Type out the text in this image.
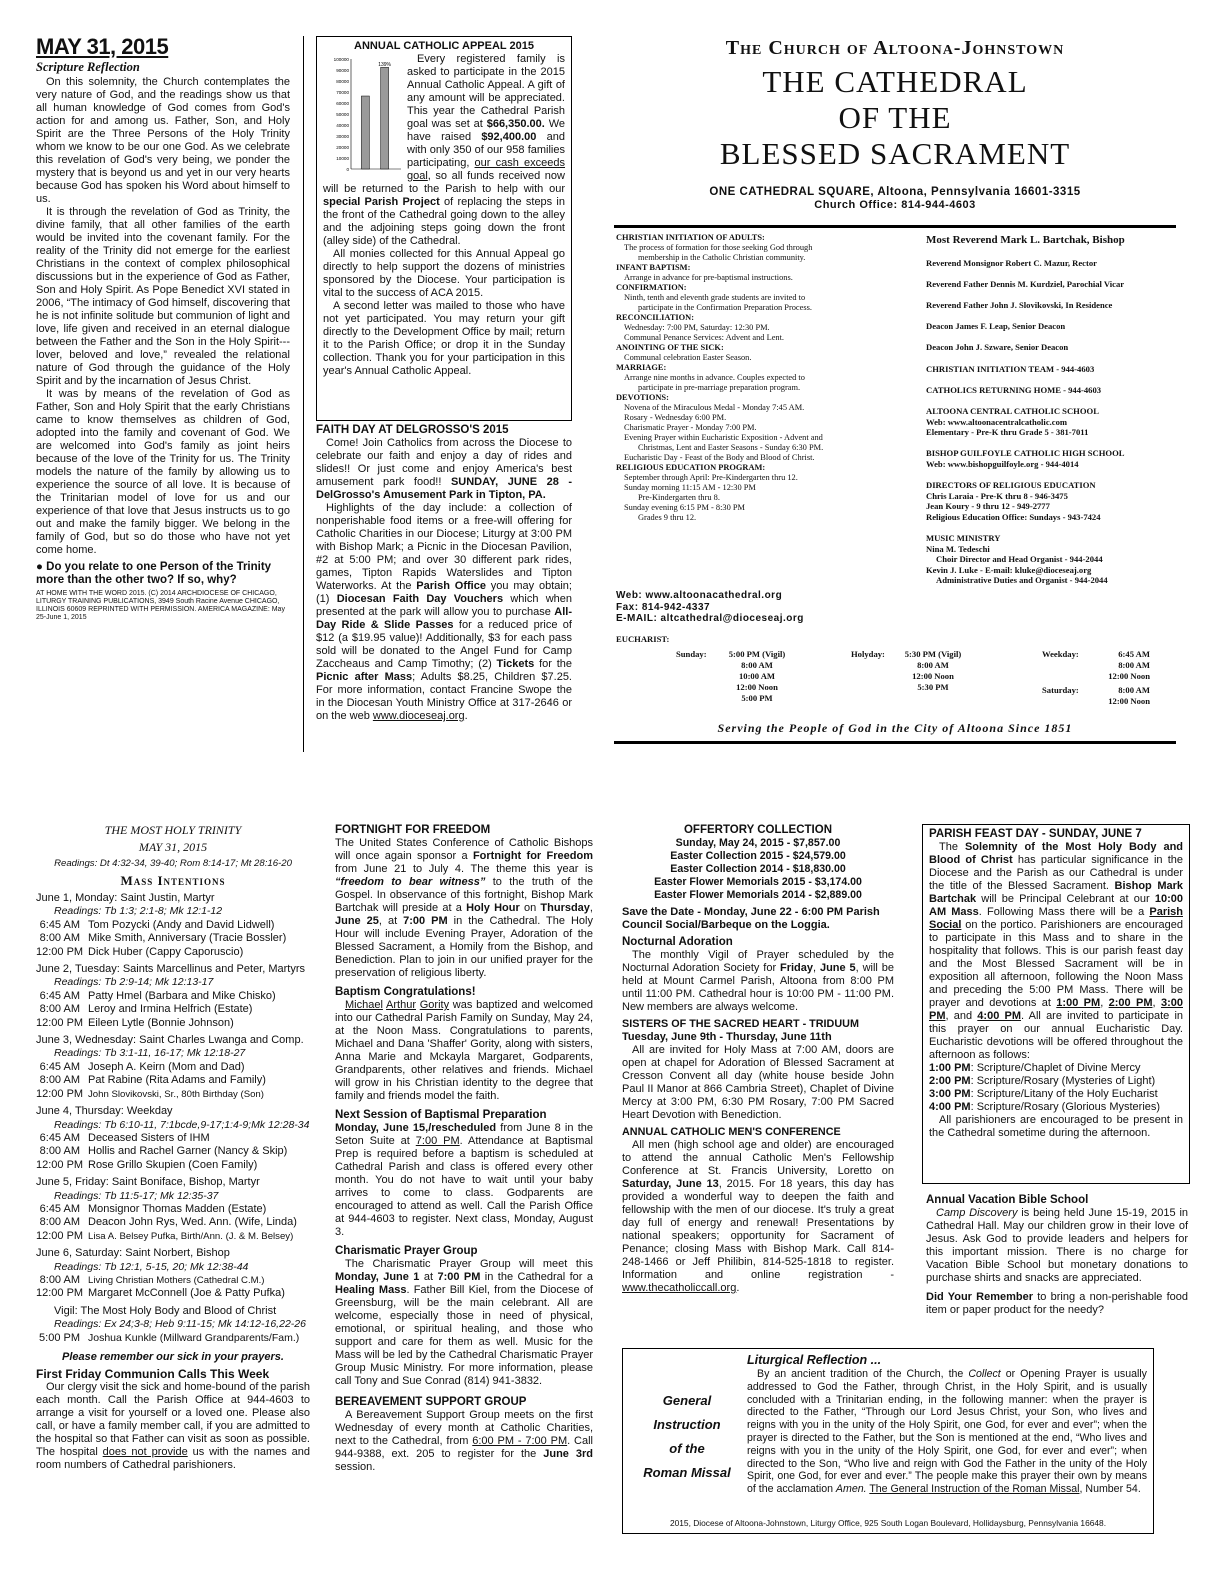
MAY 31, 2015
Scripture Reflection

On this solemnity, the Church contemplates the very nature of God, and the readings show us that all human knowledge of God comes from God's action for and among us. Father, Son, and Holy Spirit are the Three Persons of the Holy Trinity whom we know to be our one God. As we celebrate this revelation of God's very being, we ponder the mystery that is beyond us and yet in our very hearts because God has spoken his Word about himself to us.

It is through the revelation of God as Trinity, the divine family, that all other families of the earth would be invited into the covenant family. For the reality of the Trinity did not emerge for the earliest Christians in the context of complex philosophical discussions but in the experience of God as Father, Son and Holy Spirit. As Pope Benedict XVI stated in 2006, “The intimacy of God himself, discovering that he is not infinite solitude but communion of light and love, life given and received in an eternal dialogue between the Father and the Son in the Holy Spirit---lover, beloved and love,” revealed the relational nature of God through the guidance of the Holy Spirit and by the incarnation of Jesus Christ.

It was by means of the revelation of God as Father, Son and Holy Spirit that the early Christians came to know themselves as children of God, adopted into the family and covenant of God. We are welcomed into God's family as joint heirs because of the love of the Trinity for us. The Trinity models the nature of the family by allowing us to experience the source of all love. It is because of the Trinitarian model of love for us and our experience of that love that Jesus instructs us to go out and make the family bigger. We belong in the family of God, but so do those who have not yet come home.

● Do you relate to one Person of the Trinity more than the other two? If so, why?
AT HOME WITH THE WORD 2015. (C) 2014 ARCHDIOCESE OF CHICAGO, LITURGY TRAINING PUBLICATIONS, 3949 South Racine Avenue CHICAGO, ILLINOIS 60609 REPRINTED WITH PERMISSION. AMERICA MAGAZINE: May 25-June 1, 2015
ANNUAL CATHOLIC APPEAL 2015
100000
90000
80000
70000
60000
50000
40000
30000
20000
10000
0
139%	Every registered family is asked to participate in the 2015 Annual Catholic Appeal. A gift of any amount will be appreciated. This year the Cathedral Parish goal was set at $66,350.00. We have raised $92,400.00 and with only 350 of our 958 families participating, our cash exceeds goal, so all funds received now will be returned to the Parish to help with our special Parish Project of replacing the steps in the front of the Cathedral going down to the alley and the adjoining steps going down the front (alley side) of the Cathedral.

All monies collected for this Annual Appeal go directly to help support the dozens of ministries sponsored by the Diocese. Your participation is vital to the success of ACA 2015.

A second letter was mailed to those who have not yet participated. You may return your gift directly to the Development Office by mail; return it to the Parish Office; or drop it in the Sunday collection. Thank you for your participation in this year's Annual Catholic Appeal.

FAITH DAY AT DELGROSSO'S 2015

Come! Join Catholics from across the Diocese to celebrate our faith and enjoy a day of rides and slides!! Or just come and enjoy America's best amusement park food!! SUNDAY, JUNE 28 - DelGrosso's Amusement Park in Tipton, PA.

Highlights of the day include: a collection of nonperishable food items or a free-will offering for Catholic Charities in our Diocese; Liturgy at 3:00 PM with Bishop Mark; a Picnic in the Diocesan Pavilion, #2 at 5:00 PM; and over 30 different park rides, games, Tipton Rapids Waterslides and Tipton Waterworks. At the Parish Office you may obtain; (1) Diocesan Faith Day Vouchers which when presented at the park will allow you to purchase All-Day Ride & Slide Passes for a reduced price of $12 (a $19.95 value)! Additionally, $3 for each pass sold will be donated to the Angel Fund for Camp Zaccheaus and Camp Timothy; (2) Tickets for the Picnic after Mass; Adults $8.25, Children $7.25. For more information, contact Francine Swope the in the Diocesan Youth Ministry Office at 317-2646 or on the web www.dioceseaj.org.

The Church of Altoona-Johnstown
THE CATHEDRAL
OF THE
BLESSED SACRAMENT
ONE CATHEDRAL SQUARE, Altoona, Pennsylvania 16601-3315
Church Office: 814-944-4603
CHRISTIAN INITIATION OF ADULTS:
The process of formation for those seeking God through
membership in the Catholic Christian community.
INFANT BAPTISM:
Arrange in advance for pre-baptismal instructions.
CONFIRMATION:
Ninth, tenth and eleventh grade students are invited to
participate in the Confirmation Preparation Process.
RECONCILIATION:
Wednesday: 7:00 PM, Saturday: 12:30 PM.
Communal Penance Services: Advent and Lent.
ANOINTING OF THE SICK:
Communal celebration Easter Season.
MARRIAGE:
Arrange nine months in advance. Couples expected to
participate in pre-marriage preparation program.
DEVOTIONS:
Novena of the Miraculous Medal - Monday 7:45 AM.
Rosary - Wednesday 6:00 PM.
Charismatic Prayer - Monday 7:00 PM.
Evening Prayer within Eucharistic Exposition - Advent and
Christmas, Lent and Easter Seasons - Sunday 6:30 PM.
Eucharistic Day - Feast of the Body and Blood of Christ.
RELIGIOUS EDUCATION PROGRAM:
September through April: Pre-Kindergarten thru 12.
Sunday morning 11:15 AM - 12:30 PM
Pre-Kindergarten thru 8.
Sunday evening 6:15 PM - 8:30 PM
Grades 9 thru 12.
Web: www.altoonacathedral.org
Fax: 814-942-4337
E-MAIL: altcathedral@dioceseaj.org
Most Reverend Mark L. Bartchak, Bishop
Reverend Monsignor Robert C. Mazur, Rector
Reverend Father Dennis M. Kurdziel, Parochial Vicar
Reverend Father John J. Slovikovski, In Residence
Deacon James F. Leap, Senior Deacon
Deacon John J. Szware, Senior Deacon
CHRISTIAN INITIATION TEAM - 944-4603
CATHOLICS RETURNING HOME - 944-4603
ALTOONA CENTRAL CATHOLIC SCHOOL
Web: www.altoonacentralcatholic.com
Elementary - Pre-K thru Grade 5 - 381-7011
BISHOP GUILFOYLE CATHOLIC HIGH SCHOOL
Web: www.bishopguilfoyle.org - 944-4014
DIRECTORS OF RELIGIOUS EDUCATION
Chris Laraia - Pre-K thru 8 - 946-3475
Jean Koury - 9 thru 12 - 949-2777
Religious Education Office: Sundays - 943-7424
MUSIC MINISTRY
Nina M. Tedeschi
Choir Director and Head Organist - 944-2044
Kevin J. Luke - E-mail: kluke@dioceseaj.org
Administrative Duties and Organist - 944-2044
EUCHARIST:
Sunday:	5:00 PM (Vigil)
8:00 AM
10:00 AM
12:00 Noon
5:00 PM
Holyday:	5:30 PM (Vigil)
8:00 AM
12:00 Noon
5:30 PM
Weekday:	6:45 AM
8:00 AM
12:00 Noon
Saturday:	8:00 AM
12:00 Noon
Serving the People of God in the City of Altoona Since 1851
THE MOST HOLY TRINITY
MAY 31, 2015
Readings: Dt 4:32-34, 39-40; Rom 8:14-17; Mt 28:16-20
Mass Intentions
June 1, Monday: Saint Justin, Martyr
Readings: Tb 1:3; 2:1-8; Mk 12:1-12
6:45 AM Tom Pozycki (Andy and David Lidwell)
8:00 AM Mike Smith, Anniversary (Tracie Bossler)
12:00 PM Dick Huber (Cappy Caporuscio)
June 2, Tuesday: Saints Marcellinus and Peter, Martyrs
Readings: Tb 2:9-14; Mk 12:13-17
6:45 AM Patty Hmel (Barbara and Mike Chisko)
8:00 AM Leroy and Irmina Helfrich (Estate)
12:00 PM Eileen Lytle (Bonnie Johnson)
June 3, Wednesday: Saint Charles Lwanga and Comp.
Readings: Tb 3:1-11, 16-17; Mk 12:18-27
6:45 AM Joseph A. Keirn (Mom and Dad)
8:00 AM Pat Rabine (Rita Adams and Family)
12:00 PM John Slovikovski, Sr., 80th Birthday (Son)
June 4, Thursday: Weekday
Readings: Tb 6:10-11, 7:1bcde,9-17;1:4-9;Mk 12:28-34
6:45 AM Deceased Sisters of IHM
8:00 AM Hollis and Rachel Garner (Nancy & Skip)
12:00 PM Rose Grillo Skupien (Coen Family)
June 5, Friday: Saint Boniface, Bishop, Martyr
Readings: Tb 11:5-17; Mk 12:35-37
6:45 AM Monsignor Thomas Madden (Estate)
8:00 AM Deacon John Rys, Wed. Ann. (Wife, Linda)
12:00 PM Lisa A. Belsey Pufka, Birth/Ann. (J. & M. Belsey)
June 6, Saturday: Saint Norbert, Bishop
Readings: Tb 12:1, 5-15, 20; Mk 12:38-44
8:00 AM Living Christian Mothers (Cathedral C.M.)
12:00 PM Margaret McConnell (Joe & Patty Pufka)
Vigil: The Most Holy Body and Blood of Christ
Readings: Ex 24;3-8; Heb 9:11-15; Mk 14:12-16,22-26
5:00 PM Joshua Kunkle (Millward Grandparents/Fam.)
Please remember our sick in your prayers.
First Friday Communion Calls This Week

Our clergy visit the sick and home-bound of the parish each month. Call the Parish Office at 944-4603 to arrange a visit for yourself or a loved one. Please also call, or have a family member call, if you are admitted to the hospital so that Father can visit as soon as possible. The hospital does not provide us with the names and room numbers of Cathedral parishioners.

FORTNIGHT FOR FREEDOM

The United States Conference of Catholic Bishops will once again sponsor a Fortnight for Freedom from June 21 to July 4. The theme this year is “freedom to bear witness” to the truth of the Gospel. In observance of this fortnight, Bishop Mark Bartchak will preside at a Holy Hour on Thursday, June 25, at 7:00 PM in the Cathedral. The Holy Hour will include Evening Prayer, Adoration of the Blessed Sacrament, a Homily from the Bishop, and Benediction. Plan to join in our unified prayer for the preservation of religious liberty.

Baptism Congratulations!

Michael Arthur Gority was baptized and welcomed into our Cathedral Parish Family on Sunday, May 24, at the Noon Mass. Congratulations to parents, Michael and Dana 'Shaffer' Gority, along with sisters, Anna Marie and Mckayla Margaret, Godparents, Grandparents, other relatives and friends. Michael will grow in his Christian identity to the degree that family and friends model the faith.

Next Session of Baptismal Preparation

Monday, June 15,/rescheduled from June 8 in the Seton Suite at 7:00 PM. Attendance at Baptismal Prep is required before a baptism is scheduled at Cathedral Parish and class is offered every other month. You do not have to wait until your baby arrives to come to class. Godparents are encouraged to attend as well. Call the Parish Office at 944-4603 to register. Next class, Monday, August 3.

Charismatic Prayer Group

The Charismatic Prayer Group will meet this Monday, June 1 at 7:00 PM in the Cathedral for a Healing Mass. Father Bill Kiel, from the Diocese of Greensburg, will be the main celebrant. All are welcome, especially those in need of physical, emotional, or spiritual healing, and those who support and care for them as well. Music for the Mass will be led by the Cathedral Charismatic Prayer Group Music Ministry. For more information, please call Tony and Sue Conrad (814) 941-3832.

BEREAVEMENT SUPPORT GROUP

A Bereavement Support Group meets on the first Wednesday of every month at Catholic Charities, next to the Cathedral, from 6:00 PM - 7:00 PM. Call 944-9388, ext. 205 to register for the June 3rd session.

OFFERTORY COLLECTION
Sunday, May 24, 2015 - $7,857.00
Easter Collection 2015 - $24,579.00
Easter Collection 2014 - $18,830.00
Easter Flower Memorials 2015 - $3,174.00
Easter Flower Memorials 2014 - $2,889.00
Save the Date - Monday, June 22 - 6:00 PM Parish Council Social/Barbeque on the Loggia.
Nocturnal Adoration

The monthly Vigil of Prayer scheduled by the Nocturnal Adoration Society for Friday, June 5, will be held at Mount Carmel Parish, Altoona from 8:00 PM until 11:00 PM. Cathedral hour is 10:00 PM - 11:00 PM. New members are always welcome.

SISTERS OF THE SACRED HEART - TRIDUUM
Tuesday, June 9th - Thursday, June 11th

All are invited for Holy Mass at 7:00 AM, doors are open at chapel for Adoration of Blessed Sacrament at Cresson Convent all day (white house beside John Paul II Manor at 866 Cambria Street), Chaplet of Divine Mercy at 3:00 PM, 6:30 PM Rosary, 7:00 PM Sacred Heart Devotion with Benediction.

ANNUAL CATHOLIC MEN'S CONFERENCE

All men (high school age and older) are encouraged to attend the annual Catholic Men's Fellowship Conference at St. Francis University, Loretto on Saturday, June 13, 2015. For 18 years, this day has provided a wonderful way to deepen the faith and fellowship with the men of our diocese. It's truly a great day full of energy and renewal! Presentations by national speakers; opportunity for Sacrament of Penance; closing Mass with Bishop Mark. Call 814-248-1466 or Jeff Philibin, 814-525-1818 to register. Information and online registration - www.thecatholiccall.org.

PARISH FEAST DAY - SUNDAY, JUNE 7

The Solemnity of the Most Holy Body and Blood of Christ has particular significance in the Diocese and the Parish as our Cathedral is under the title of the Blessed Sacrament. Bishop Mark Bartchak will be Principal Celebrant at our 10:00 AM Mass. Following Mass there will be a Parish Social on the portico. Parishioners are encouraged to participate in this Mass and to share in the hospitality that follows. This is our parish feast day and the Most Blessed Sacrament will be in exposition all afternoon, following the Noon Mass and preceding the 5:00 PM Mass. There will be prayer and devotions at 1:00 PM, 2:00 PM, 3:00 PM, and 4:00 PM. All are invited to participate in this prayer on our annual Eucharistic Day. Eucharistic devotions will be offered throughout the afternoon as follows:

1:00 PM: Scripture/Chaplet of Divine Mercy
2:00 PM: Scripture/Rosary (Mysteries of Light)
3:00 PM: Scripture/Litany of the Holy Eucharist
4:00 PM: Scripture/Rosary (Glorious Mysteries)

All parishioners are encouraged to be present in the Cathedral sometime during the afternoon.

Annual Vacation Bible School

Camp Discovery is being held June 15-19, 2015 in Cathedral Hall. May our children grow in their love of Jesus. Ask God to provide leaders and helpers for this important mission. There is no charge for Vacation Bible School but monetary donations to purchase shirts and snacks are appreciated.

Did Your Remember to bring a non-perishable food item or paper product for the needy?

General
Instruction
of the
Roman Missal
Liturgical Reflection ...

By an ancient tradition of the Church, the Collect or Opening Prayer is usually addressed to God the Father, through Christ, in the Holy Spirit, and is usually concluded with a Trinitarian ending, in the following manner: when the prayer is directed to the Father, “Through our Lord Jesus Christ, your Son, who lives and reigns with you in the unity of the Holy Spirit, one God, for ever and ever”; when the prayer is directed to the Father, but the Son is mentioned at the end, “Who lives and reigns with you in the unity of the Holy Spirit, one God, for ever and ever”; when directed to the Son, “Who live and reign with God the Father in the unity of the Holy Spirit, one God, for ever and ever.” The people make this prayer their own by means of the acclamation Amen. The General Instruction of the Roman Missal, Number 54.

2015, Diocese of Altoona-Johnstown, Liturgy Office, 925 South Logan Boulevard, Hollidaysburg, Pennsylvania 16648.
